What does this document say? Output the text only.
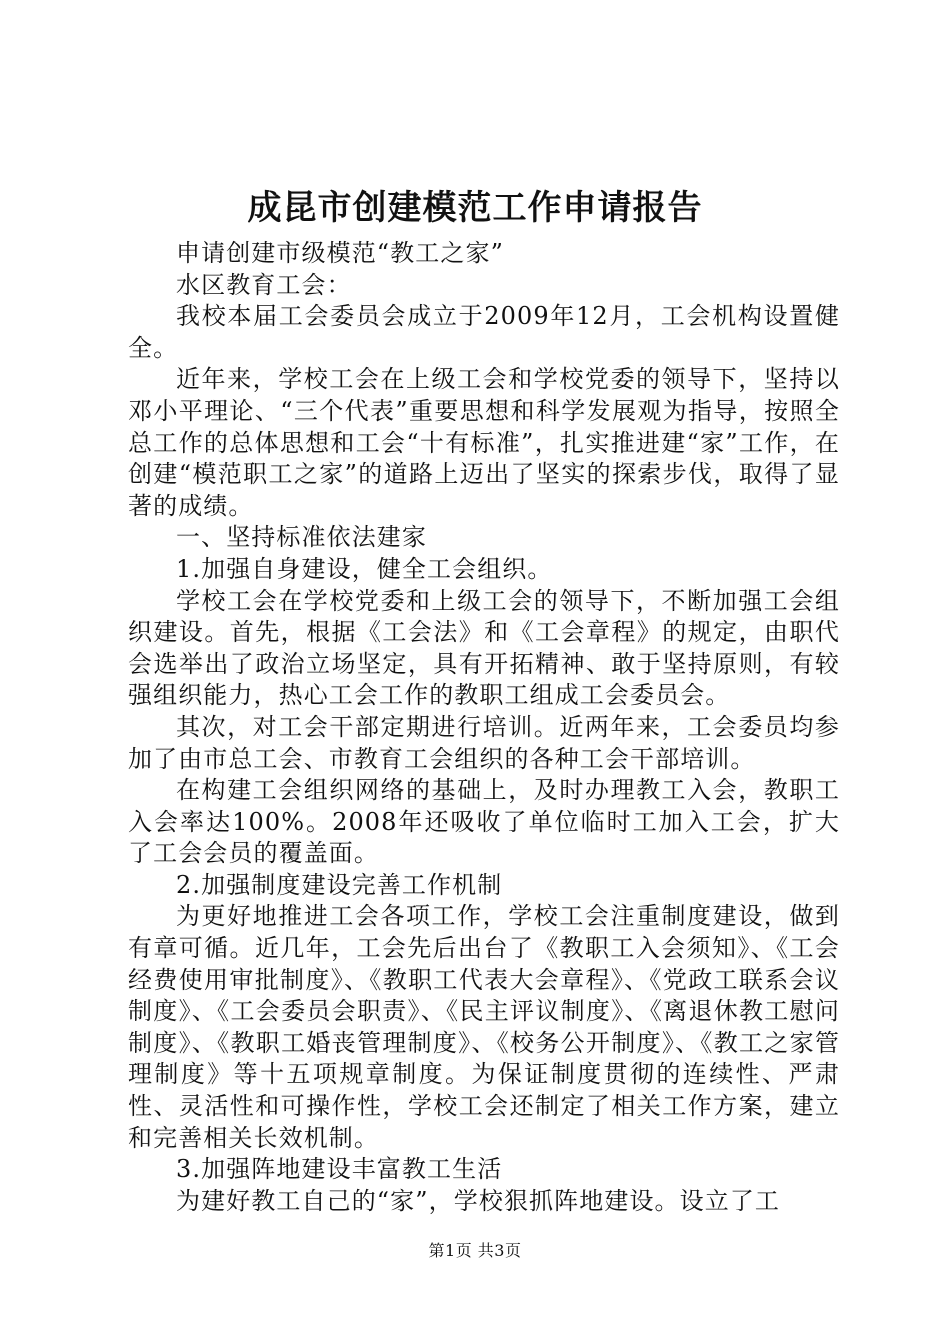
成昆市创建模范工作申请报告

申请创建市级模范“教工之家”

水区教育工会：

我校本届工会委员会成立于2009年12月，工会机构设置健全。

近年来，学校工会在上级工会和学校党委的领导下，坚持以邓小平理论、“三个代表”重要思想和科学发展观为指导，按照全总工作的总体思想和工会“十有标准”，扎实推进建“家”工作，在创建“模范职工之家”的道路上迈出了坚实的探索步伐，取得了显著的成绩。

一、坚持标准依法建家

1.加强自身建设，健全工会组织。

学校工会在学校党委和上级工会的领导下，不断加强工会组织建设。首先，根据《工会法》和《工会章程》的规定，由职代会选举出了政治立场坚定，具有开拓精神、敢于坚持原则，有较强组织能力，热心工会工作的教职工组成工会委员会。

其次，对工会干部定期进行培训。近两年来，工会委员均参加了由市总工会、市教育工会组织的各种工会干部培训。

在构建工会组织网络的基础上，及时办理教工入会，教职工入会率达100%。2008年还吸收了单位临时工加入工会，扩大了工会会员的覆盖面。

2.加强制度建设完善工作机制

为更好地推进工会各项工作，学校工会注重制度建设，做到有章可循。近几年，工会先后出台了《教职工入会须知》、《工会经费使用审批制度》、《教职工代表大会章程》、《党政工联系会议制度》、《工会委员会职责》、《民主评议制度》、《离退休教工慰问制度》、《教职工婚丧管理制度》、《校务公开制度》、《教工之家管理制度》等十五项规章制度。为保证制度贯彻的连续性、严肃性、灵活性和可操作性，学校工会还制定了相关工作方案，建立和完善相关长效机制。

3.加强阵地建设丰富教工生活

为建好教工自己的“家”，学校狠抓阵地建设。设立了工

第1页 共3页
